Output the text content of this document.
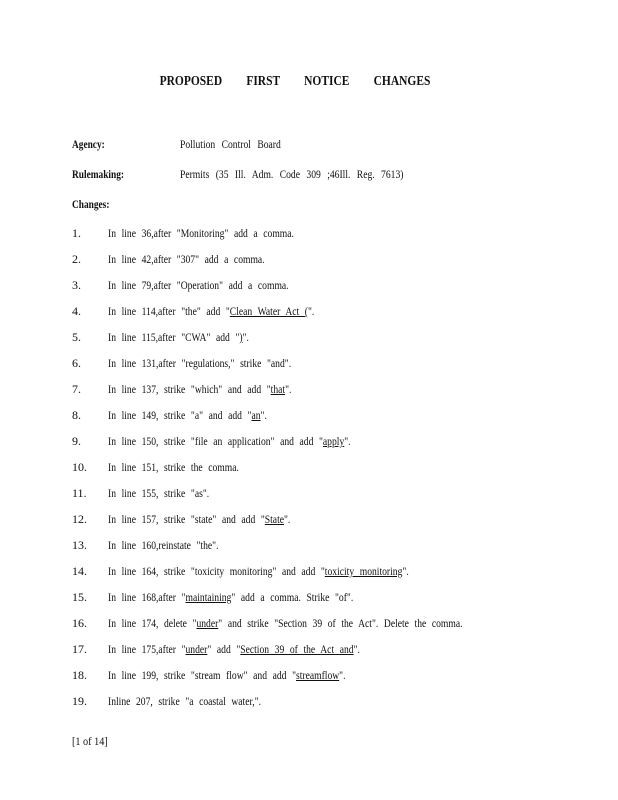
PROPOSED FIRST NOTICE CHANGES
Agency:	Pollution Control Board
Rulemaking:	Permits (35 Ill. Adm. Code 309 ;46Ill. Reg. 7613)
Changes:
1. In line 36,after "Monitoring" add a comma.
2. In line 42,after "307" add a comma.
3. In line 79,after "Operation" add a comma.
4. In line 114,after "the" add "Clean Water Act (".
5. In line 115,after "CWA" add ")".
6. In line 131,after "regulations," strike "and".
7. In line 137, strike "which" and add "that".
8. In line 149, strike "a" and add "an".
9. In line 150, strike "file an application" and add "apply".
10. In line 151, strike the comma.
11. In line 155, strike "as".
12. In line 157, strike "state" and add "State".
13. In line 160,reinstate "the".
14. In line 164, strike "toxicity monitoring" and add "toxicity monitoring".
15. In line 168,after "maintaining" add a comma. Strike "of".
16. In line 174, delete "under" and strike "Section 39 of the Act". Delete the comma.
17. In line 175,after "under" add "Section 39 of the Act and".
18. In line 199, strike "stream flow" and add "streamflow".
19. Inline 207, strike "a coastal water,".
[1 of 14]
